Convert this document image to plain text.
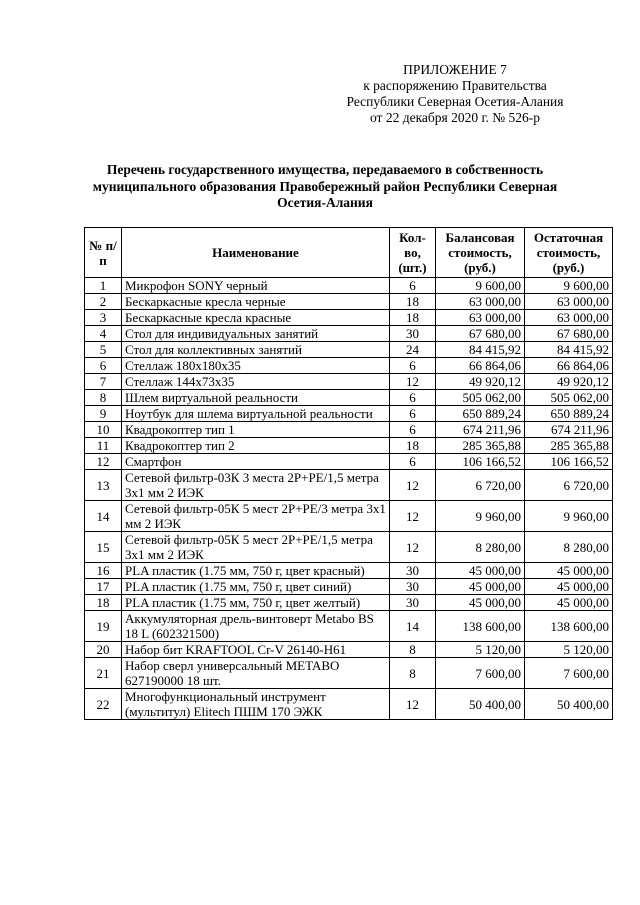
ПРИЛОЖЕНИЕ 7
к распоряжению Правительства
Республики Северная Осетия-Алания
от 22 декабря 2020 г. № 526-р
Перечень государственного имущества, передаваемого в собственность муниципального образования Правобережный район Республики Северная Осетия-Алания
№ п/п	Наименование	Кол-во, (шт.)	Балансовая стоимость, (руб.)	Остаточная стоимость, (руб.)
1	Микрофон SONY черный	6	9 600,00	9 600,00
2	Бескаркасные кресла черные	18	63 000,00	63 000,00
3	Бескаркасные кресла красные	18	63 000,00	63 000,00
4	Стол для индивидуальных занятий	30	67 680,00	67 680,00
5	Стол для коллективных занятий	24	84 415,92	84 415,92
6	Стеллаж 180х180х35	6	66 864,06	66 864,06
7	Стеллаж 144х73х35	12	49 920,12	49 920,12
8	Шлем виртуальной реальности	6	505 062,00	505 062,00
9	Ноутбук для шлема виртуальной реальности	6	650 889,24	650 889,24
10	Квадрокоптер тип 1	6	674 211,96	674 211,96
11	Квадрокоптер тип 2	18	285 365,88	285 365,88
12	Смартфон	6	106 166,52	106 166,52
13	Сетевой фильтр-03К 3 места 2Р+РЕ/1,5 метра 3х1 мм 2 ИЭК	12	6 720,00	6 720,00
14	Сетевой фильтр-05К 5 мест 2Р+РЕ/3 метра 3х1 мм 2 ИЭК	12	9 960,00	9 960,00
15	Сетевой фильтр-05К 5 мест 2Р+РЕ/1,5 метра 3х1 мм 2 ИЭК	12	8 280,00	8 280,00
16	PLA пластик (1.75 мм, 750 г, цвет красный)	30	45 000,00	45 000,00
17	PLA пластик (1.75 мм, 750 г, цвет синий)	30	45 000,00	45 000,00
18	PLA пластик (1.75 мм, 750 г, цвет желтый)	30	45 000,00	45 000,00
19	Аккумуляторная дрель-винтоверт Metabo BS 18 L (602321500)	14	138 600,00	138 600,00
20	Набор бит KRAFTOOL Cr-V 26140-H61	8	5 120,00	5 120,00
21	Набор сверл универсальный METABO 627190000 18 шт.	8	7 600,00	7 600,00
22	Многофункциональный инструмент (мультитул) Elitech ПШМ 170 ЭЖК	12	50 400,00	50 400,00
